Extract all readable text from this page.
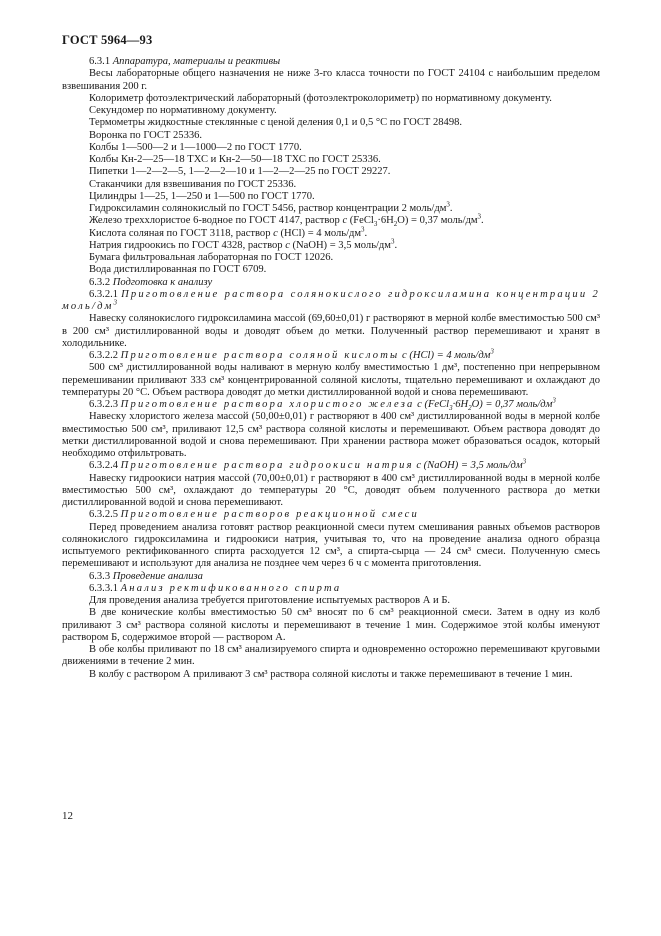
ГОСТ 5964—93

6.3.1 Аппаратура, материалы и реактивы

Весы лабораторные общего назначения не ниже 3-го класса точности по ГОСТ 24104 с наибольшим пределом взвешивания 200 г.

Колориметр фотоэлектрический лабораторный (фотоэлектроколориметр) по нормативному документу.

Секундомер по нормативному документу.

Термометры жидкостные стеклянные с ценой деления 0,1 и 0,5 °С по ГОСТ 28498.

Воронка по ГОСТ 25336.

Колбы 1—500—2 и 1—1000—2 по ГОСТ 1770.

Колбы Кн-2—25—18 ТХС и Кн-2—50—18 ТХС по ГОСТ 25336.

Пипетки 1—2—2—5, 1—2—2—10 и 1—2—2—25 по ГОСТ 29227.

Стаканчики для взвешивания по ГОСТ 25336.

Цилиндры 1—25, 1—250 и 1—500 по ГОСТ 1770.

Гидроксиламин солянокислый по ГОСТ 5456, раствор концентрации 2 моль/$дм^3$.

Железо треххлористое 6-водное по ГОСТ 4147, раствор c $(FeCl_3\cdot 6H_2O) = 0,37$ моль/$дм^3$.

Кислота соляная по ГОСТ 3118, раствор c (HCl) = 4 моль/$дм^3$.

Натрия гидроокись по ГОСТ 4328, раствор c (NaOH) = 3,5 моль/$дм^3$.

Бумага фильтровальная лабораторная по ГОСТ 12026.

Вода дистиллированная по ГОСТ 6709.

6.3.2 Подготовка к анализу

6.3.2.1 Приготовление раствора солянокислого гидроксиламина концентрации 2 моль/$дм^3$

Навеску солянокислого гидроксиламина массой (69,60±0,01) г растворяют в мерной колбе вместимостью 500 см³ в 200 см³ дистиллированной воды и доводят объем до метки. Полученный раствор перемешивают и хранят в холодильнике.

6.3.2.2 Приготовление раствора соляной кислоты с (НСl) = 4 моль/$дм^3$

500 см³ дистиллированной воды наливают в мерную колбу вместимостью 1 дм³, постепенно при непрерывном перемешивании приливают 333 см³ концентрированной соляной кислоты, тщательно перемешивают и охлаждают до температуры 20 °С. Объем раствора доводят до метки дистиллированной водой и снова перемешивают.

6.3.2.3 Приготовление раствора хлористого железа с $(FeCl_3\cdot 6H_2O) = 0,37$ моль/$дм^3$

Навеску хлористого железа массой (50,00±0,01) г растворяют в 400 см³ дистиллированной воды в мерной колбе вместимостью 500 см³, приливают 12,5 см³ раствора соляной кислоты и перемешивают. Объем раствора доводят до метки дистиллированной водой и снова перемешивают. При хранении раствора может образоваться осадок, который необходимо отфильтровать.

6.3.2.4 Приготовление раствора гидроокиси натрия с (NaOH) = 3,5 моль/$дм^3$

Навеску гидроокиси натрия массой (70,00±0,01) г растворяют в 400 см³ дистиллированной воды в мерной колбе вместимостью 500 см³, охлаждают до температуры 20 °С, доводят объем полученного раствора до метки дистиллированной водой и снова перемешивают.

6.3.2.5 Приготовление растворов реакционной смеси

Перед проведением анализа готовят раствор реакционной смеси путем смешивания равных объемов растворов солянокислого гидроксиламина и гидроокиси натрия, учитывая то, что на проведение анализа одного образца испытуемого ректификованного спирта расходуется 12 см³, а спирта-сырца — 24 см³ смеси. Полученную смесь перемешивают и используют для анализа не позднее чем через 6 ч с момента приготовления.

6.3.3 Проведение анализа

6.3.3.1 Анализ ректификованного спирта

Для проведения анализа требуется приготовление испытуемых растворов А и Б.

В две конические колбы вместимостью 50 см³ вносят по 6 см³ реакционной смеси. Затем в одну из колб приливают 3 см³ раствора соляной кислоты и перемешивают в течение 1 мин. Содержимое этой колбы именуют раствором Б, содержимое второй — раствором А.

В обе колбы приливают по 18 см³ анализируемого спирта и одновременно осторожно перемешивают круговыми движениями в течение 2 мин.

В колбу с раствором А приливают 3 см³ раствора соляной кислоты и также перемешивают в течение 1 мин.

12
